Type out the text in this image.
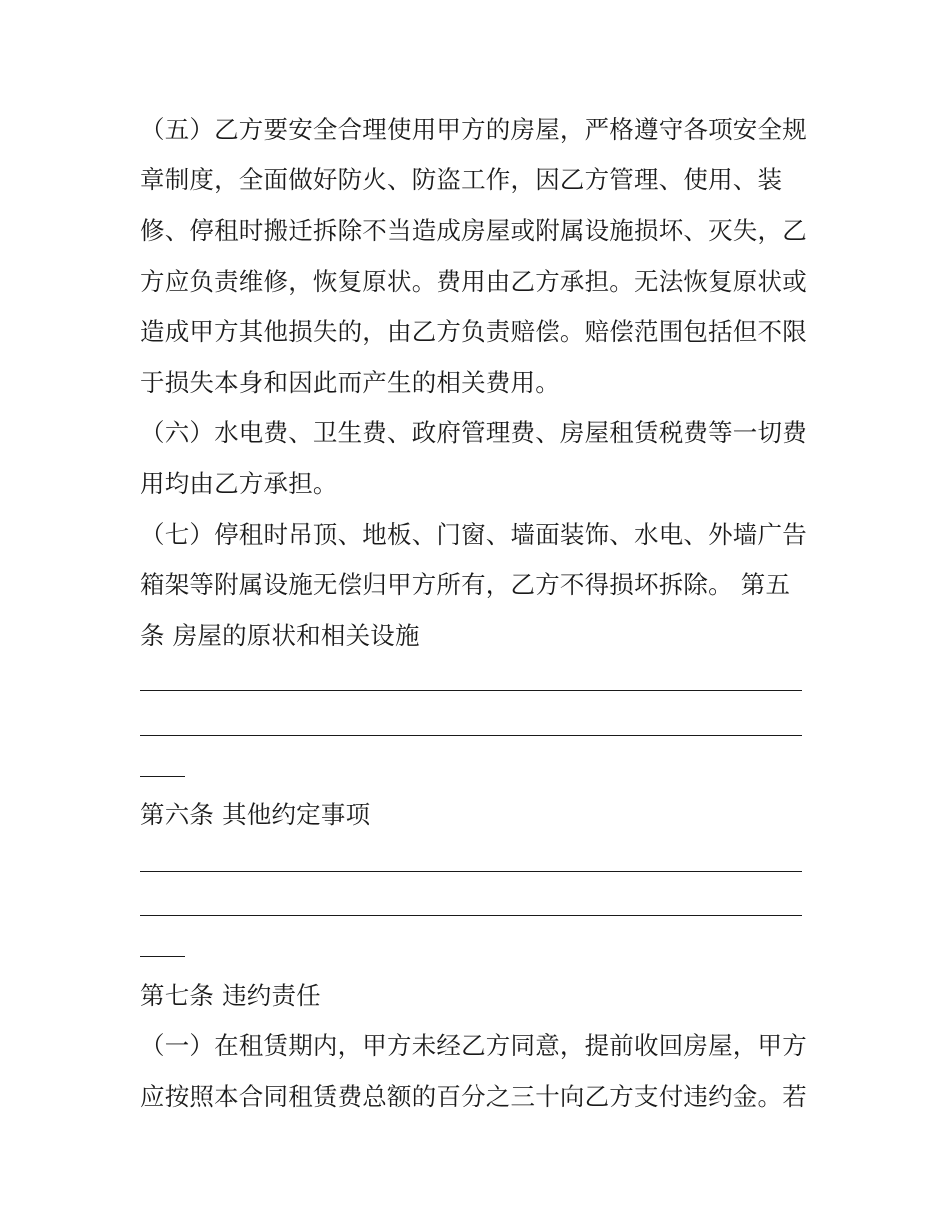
（五）乙方要安全合理使用甲方的房屋，严格遵守各项安全规
章制度，全面做好防火、防盗工作，因乙方管理、使用、装
修、停租时搬迁拆除不当造成房屋或附属设施损坏、灭失，乙
方应负责维修，恢复原状。费用由乙方承担。无法恢复原状或
造成甲方其他损失的，由乙方负责赔偿。赔偿范围包括但不限
于损失本身和因此而产生的相关费用。
（六）水电费、卫生费、政府管理费、房屋租赁税费等一切费
用均由乙方承担。
（七）停租时吊顶、地板、门窗、墙面装饰、水电、外墙广告
箱架等附属设施无偿归甲方所有，乙方不得损坏拆除。 第五
条 房屋的原状和相关设施
第六条 其他约定事项
第七条 违约责任
（一）在租赁期内，甲方未经乙方同意，提前收回房屋，甲方
应按照本合同租赁费总额的百分之三十向乙方支付违约金。若
